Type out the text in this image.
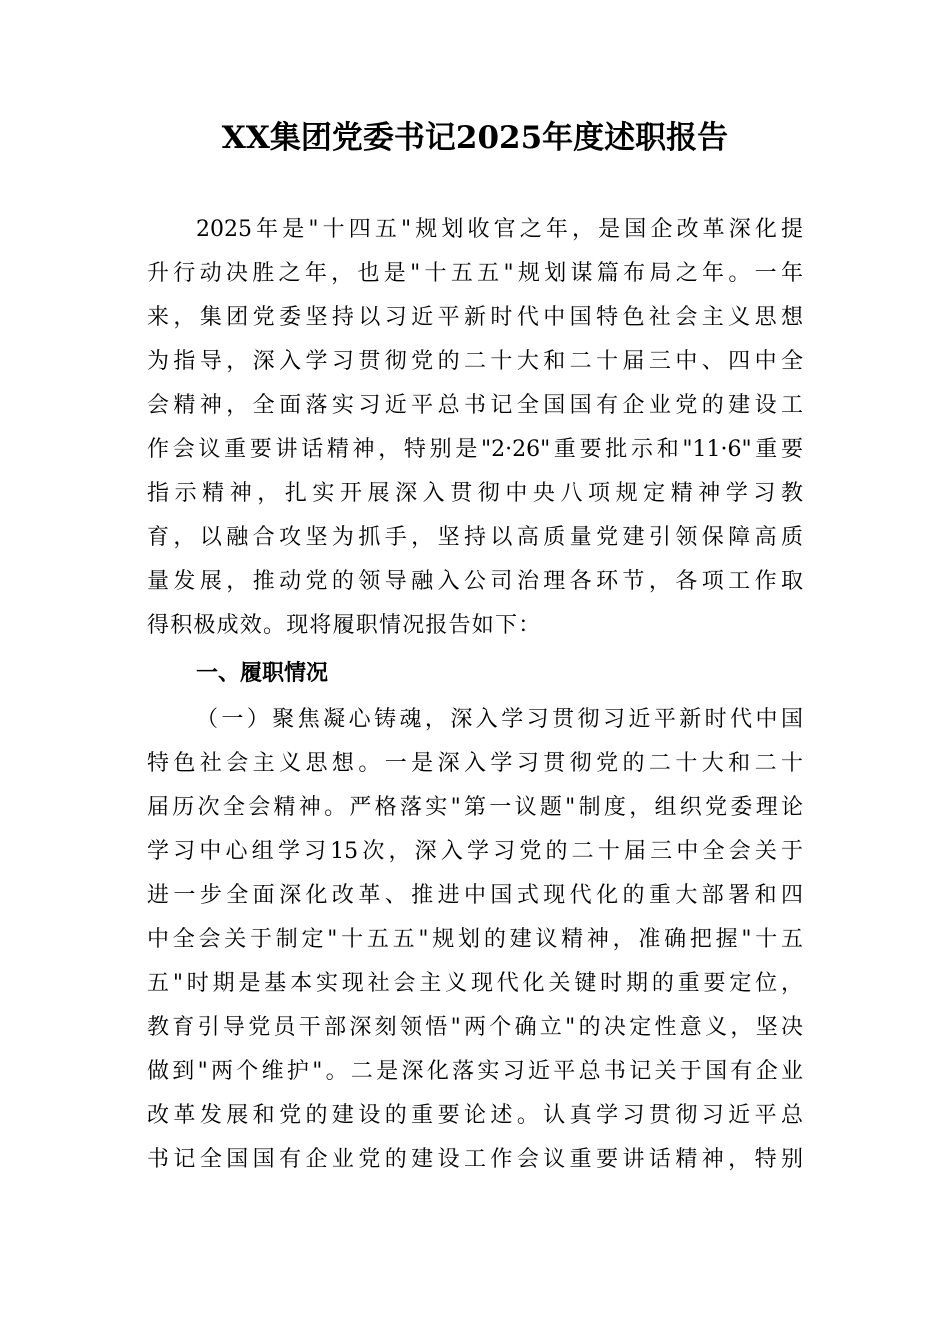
XX集团党委书记2025年度述职报告

2025年是"十四五"规划收官之年，是国企改革深化提

升行动决胜之年，也是"十五五"规划谋篇布局之年。一年

来，集团党委坚持以习近平新时代中国特色社会主义思想

为指导，深入学习贯彻党的二十大和二十届三中、四中全

会精神，全面落实习近平总书记全国国有企业党的建设工

作会议重要讲话精神，特别是"2·26"重要批示和"11·6"重要

指示精神，扎实开展深入贯彻中央八项规定精神学习教

育，以融合攻坚为抓手，坚持以高质量党建引领保障高质

量发展，推动党的领导融入公司治理各环节，各项工作取

得积极成效。现将履职情况报告如下：

一、履职情况

（一）聚焦凝心铸魂，深入学习贯彻习近平新时代中国

特色社会主义思想。一是深入学习贯彻党的二十大和二十

届历次全会精神。严格落实"第一议题"制度，组织党委理论

学习中心组学习15次，深入学习党的二十届三中全会关于

进一步全面深化改革、推进中国式现代化的重大部署和四

中全会关于制定"十五五"规划的建议精神，准确把握"十五

五"时期是基本实现社会主义现代化关键时期的重要定位，

教育引导党员干部深刻领悟"两个确立"的决定性意义，坚决

做到"两个维护"。二是深化落实习近平总书记关于国有企业

改革发展和党的建设的重要论述。认真学习贯彻习近平总

书记全国国有企业党的建设工作会议重要讲话精神，特别
